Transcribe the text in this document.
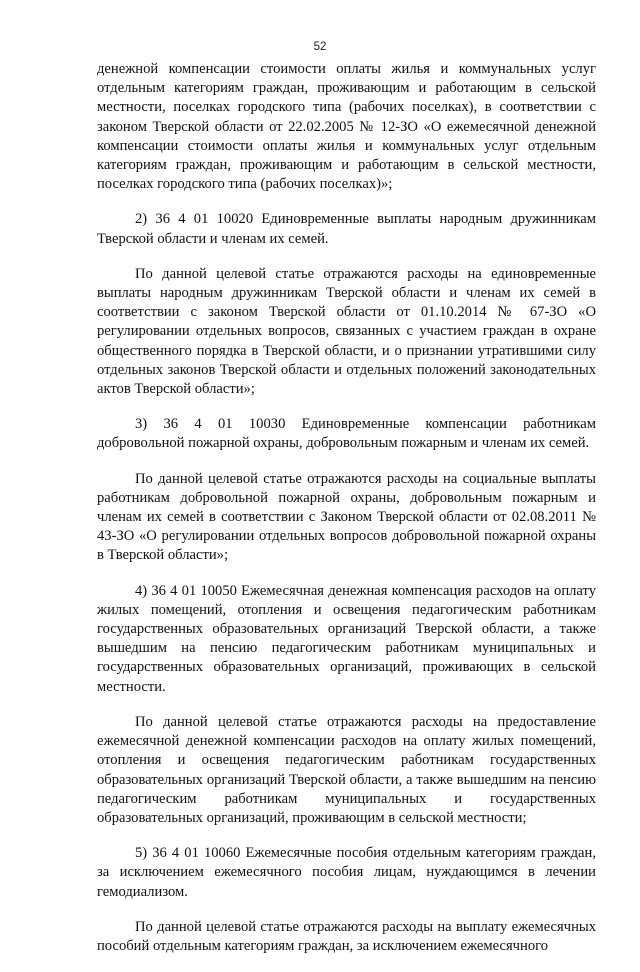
52

денежной компенсации стоимости оплаты жилья и коммунальных услуг отдельным категориям граждан, проживающим и работающим в сельской местности, поселках городского типа (рабочих поселках), в соответствии с законом Тверской области от 22.02.2005 № 12-ЗО «О ежемесячной денежной компенсации стоимости оплаты жилья и коммунальных услуг отдельным категориям граждан, проживающим и работающим в сельской местности, поселках городского типа (рабочих поселках)»;

2) 36 4 01 10020 Единовременные выплаты народным дружинникам Тверской области и членам их семей.

По данной целевой статье отражаются расходы на единовременные выплаты народным дружинникам Тверской области и членам их семей в соответствии с законом Тверской области от 01.10.2014 № 67-ЗО «О регулировании отдельных вопросов, связанных с участием граждан в охране общественного порядка в Тверской области, и о признании утратившими силу отдельных законов Тверской области и отдельных положений законодательных актов Тверской области»;

3) 36 4 01 10030 Единовременные компенсации работникам добровольной пожарной охраны, добровольным пожарным и членам их семей.

По данной целевой статье отражаются расходы на социальные выплаты работникам добровольной пожарной охраны, добровольным пожарным и членам их семей в соответствии с Законом Тверской области от 02.08.2011 № 43-ЗО «О регулировании отдельных вопросов добровольной пожарной охраны в Тверской области»;

4) 36 4 01 10050 Ежемесячная денежная компенсация расходов на оплату жилых помещений, отопления и освещения педагогическим работникам государственных образовательных организаций Тверской области, а также вышедшим на пенсию педагогическим работникам муниципальных и государственных образовательных организаций, проживающих в сельской местности.

По данной целевой статье отражаются расходы на предоставление ежемесячной денежной компенсации расходов на оплату жилых помещений, отопления и освещения педагогическим работникам государственных образовательных организаций Тверской области, а также вышедшим на пенсию педагогическим работникам муниципальных и государственных образовательных организаций, проживающим в сельской местности;

5) 36 4 01 10060 Ежемесячные пособия отдельным категориям граждан, за исключением ежемесячного пособия лицам, нуждающимся в лечении гемодиализом.

По данной целевой статье отражаются расходы на выплату ежемесячных пособий отдельным категориям граждан, за исключением ежемесячного
